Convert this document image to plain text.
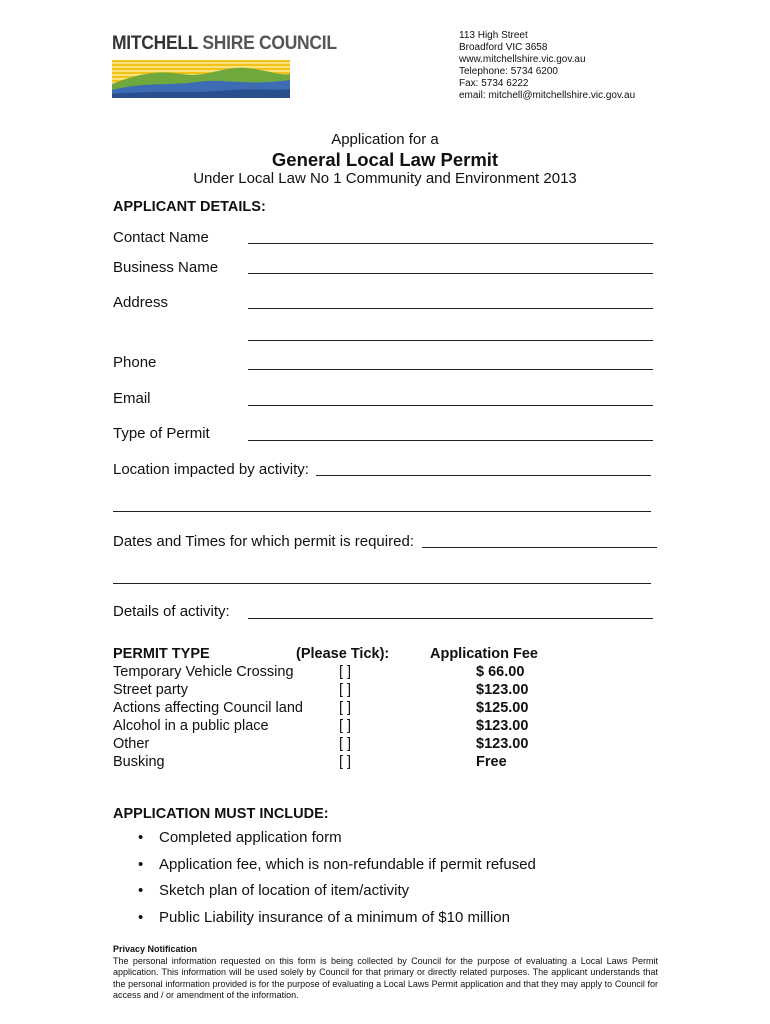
MITCHELL SHIRE COUNCIL	113 High Street
Broadford VIC 3658
www.mitchellshire.vic.gov.au
Telephone: 5734 6200
Fax: 5734 6222
email: mitchell@mitchellshire.vic.gov.au
Application for a
General Local Law Permit
Under Local Law No 1 Community and Environment 2013
APPLICANT DETAILS:
Contact Name
Business Name
Address
Phone
Email
Type of Permit
Location impacted by activity:
Dates and Times for which permit is required:
Details of activity:
PERMIT TYPE	(Please Tick):	Application Fee
Temporary Vehicle Crossing	[ ]	$ 66.00
Street party	[ ]	$123.00
Actions affecting Council land [ ]	$125.00
Alcohol in a public place	[ ]	$123.00
Other	[ ]	$123.00
Busking	[ ]	Free
APPLICATION MUST INCLUDE:
• Completed application form
• Application fee, which is non-refundable if permit refused
• Sketch plan of location of item/activity
• Public Liability insurance of a minimum of $10 million
Privacy Notification
The personal information requested on this form is being collected by Council for the purpose of evaluating a Local Laws Permit application. This information will be used solely by Council for that primary or directly related purposes. The applicant understands that the personal information provided is for the purpose of evaluating a Local Laws Permit application and that they may apply to Council for access and / or amendment of the information.
